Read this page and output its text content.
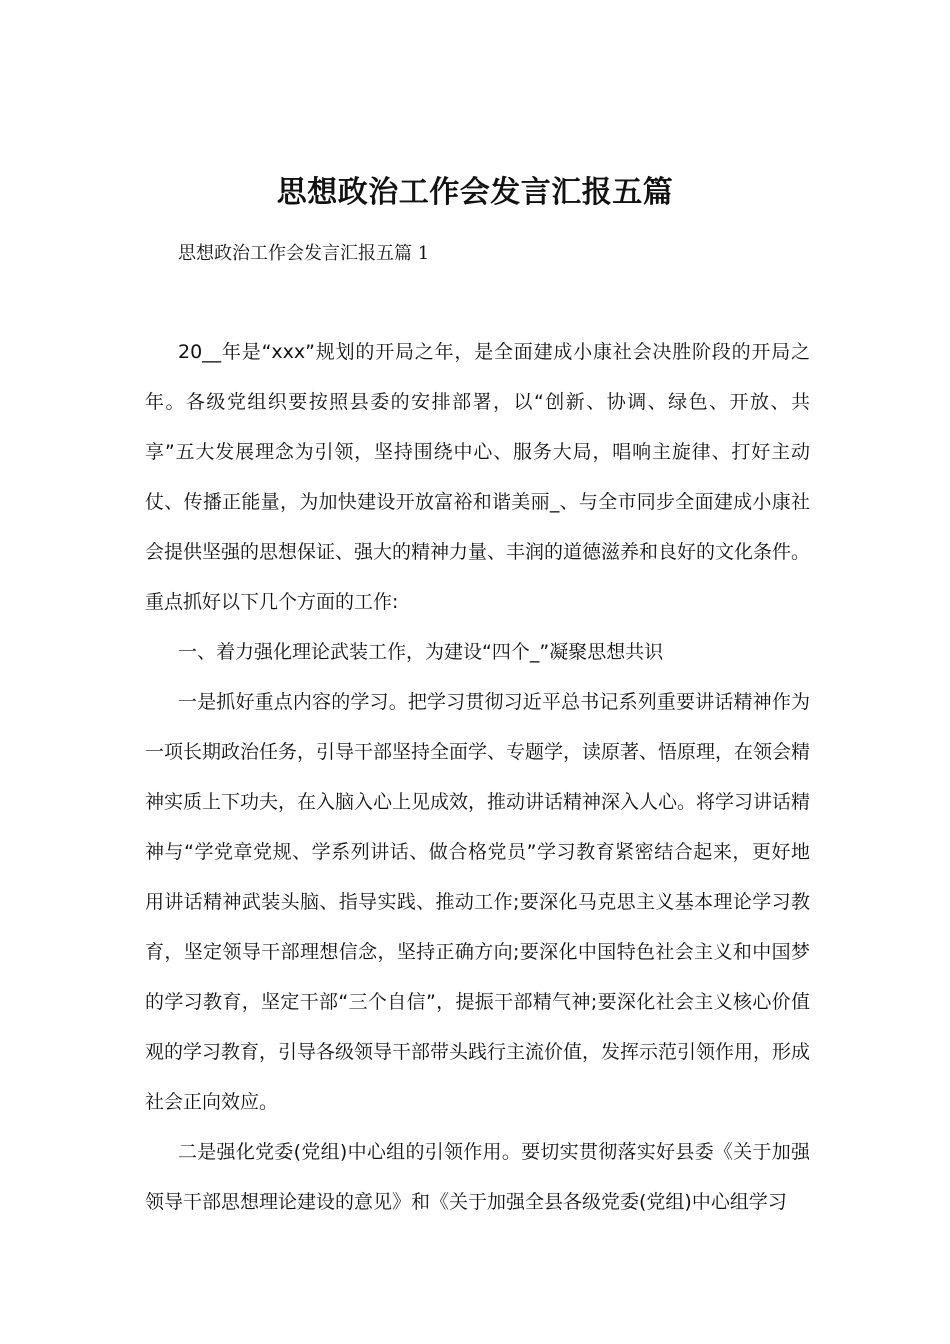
思想政治工作会发言汇报五篇
思想政治工作会发言汇报五篇 1

20__年是“xxx”规划的开局之年，是全面建成小康社会决胜阶段的开局之年。各级党组织要按照县委的安排部署，以“创新、协调、绿色、开放、共享”五大发展理念为引领，坚持围绕中心、服务大局，唱响主旋律、打好主动仗、传播正能量，为加快建设开放富裕和谐美丽_、与全市同步全面建成小康社会提供坚强的思想保证、强大的精神力量、丰润的道德滋养和良好的文化条件。重点抓好以下几个方面的工作:

一、着力强化理论武装工作，为建设“四个_”凝聚思想共识

一是抓好重点内容的学习。把学习贯彻习近平总书记系列重要讲话精神作为一项长期政治任务，引导干部坚持全面学、专题学，读原著、悟原理，在领会精神实质上下功夫，在入脑入心上见成效，推动讲话精神深入人心。将学习讲话精神与“学党章党规、学系列讲话、做合格党员”学习教育紧密结合起来，更好地用讲话精神武装头脑、指导实践、推动工作;要深化马克思主义基本理论学习教育，坚定领导干部理想信念，坚持正确方向;要深化中国特色社会主义和中国梦的学习教育，坚定干部“三个自信”，提振干部精气神;要深化社会主义核心价值观的学习教育，引导各级领导干部带头践行主流价值，发挥示范引领作用，形成社会正向效应。

二是强化党委(党组)中心组的引领作用。要切实贯彻落实好县委《关于加强领导干部思想理论建设的意见》和《关于加强全县各级党委(党组)中心组学习
